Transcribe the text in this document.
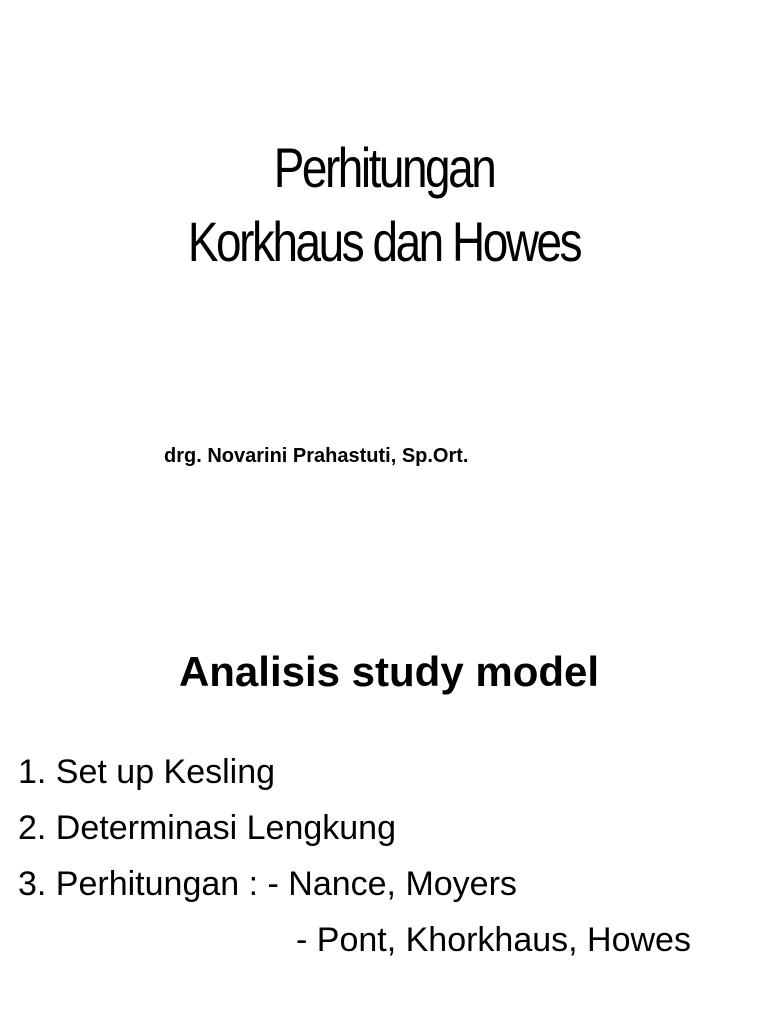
Perhitungan
Korkhaus dan Howes

drg. Novarini Prahastuti, Sp.Ort.

Analisis study model
1. Set up Kesling
2. Determinasi Lengkung
3. Perhitungan : - Nance, Moyers
- Pont, Khorkhaus, Howes
